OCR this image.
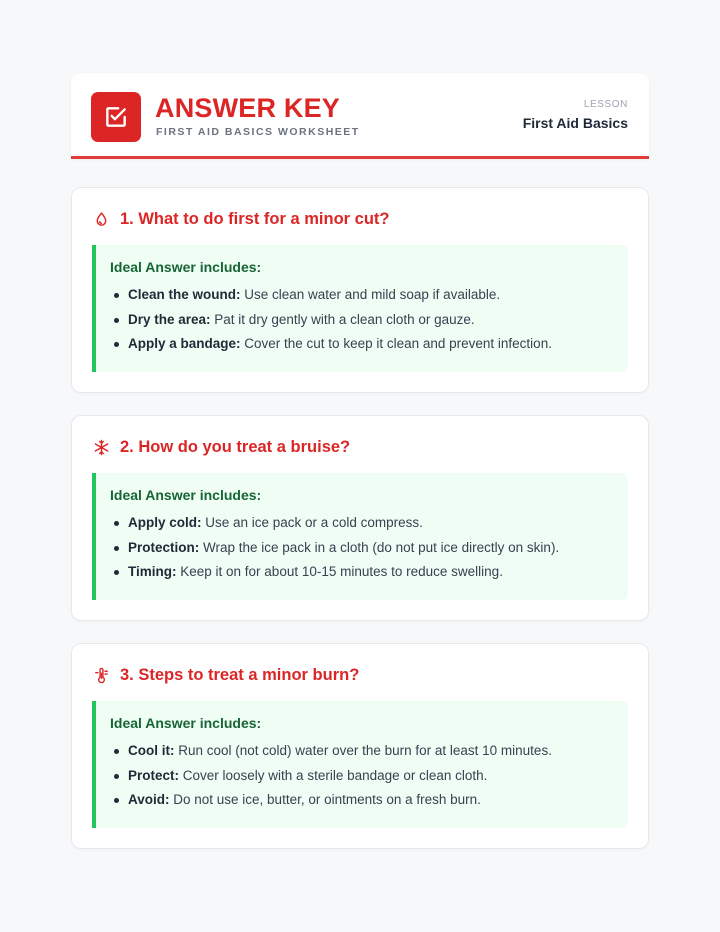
ANSWER KEY
FIRST AID BASICS WORKSHEET
LESSON
First Aid Basics
1. What to do first for a minor cut?
Ideal Answer includes:
Clean the wound: Use clean water and mild soap if available.
Dry the area: Pat it dry gently with a clean cloth or gauze.
Apply a bandage: Cover the cut to keep it clean and prevent infection.
2. How do you treat a bruise?
Ideal Answer includes:
Apply cold: Use an ice pack or a cold compress.
Protection: Wrap the ice pack in a cloth (do not put ice directly on skin).
Timing: Keep it on for about 10-15 minutes to reduce swelling.
3. Steps to treat a minor burn?
Ideal Answer includes:
Cool it: Run cool (not cold) water over the burn for at least 10 minutes.
Protect: Cover loosely with a sterile bandage or clean cloth.
Avoid: Do not use ice, butter, or ointments on a fresh burn.
